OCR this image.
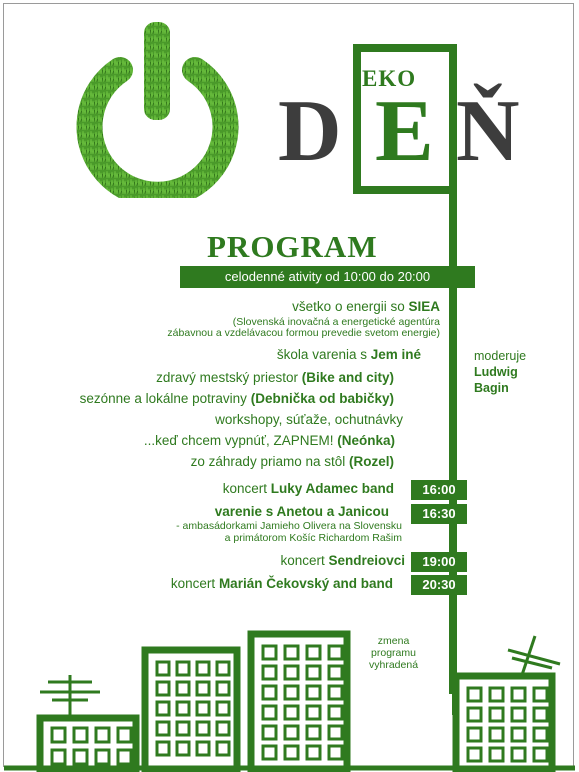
EKO
D E Ň
PROGRAM
celodenné ativity od 10:00 do 20:00
všetko o energii so SIEA
(Slovenská inovačná a energetické agentúra
zábavnou a vzdelávacou formou prevedie svetom energie)
škola varenia s Jem iné
zdravý mestský priestor (Bike and city)
sezónne a lokálne potraviny (Debnička od babičky)
workshopy, súťaže, ochutnávky
...keď chcem vypnúť, ZAPNEM! (Neónka)
zo záhrady priamo na stôl (Rozel)
koncert Luky Adamec band	16:00
varenie s Anetou a Janicou	16:30
- ambasádorkami Jamieho Olivera na Slovensku
a primátorom Košíc Richardom Rašim
koncert Sendreiovci	19:00
koncert Marián Čekovský and band	20:30
moderuje
Ludwig
Bagin
zmena
programu
vyhradená
